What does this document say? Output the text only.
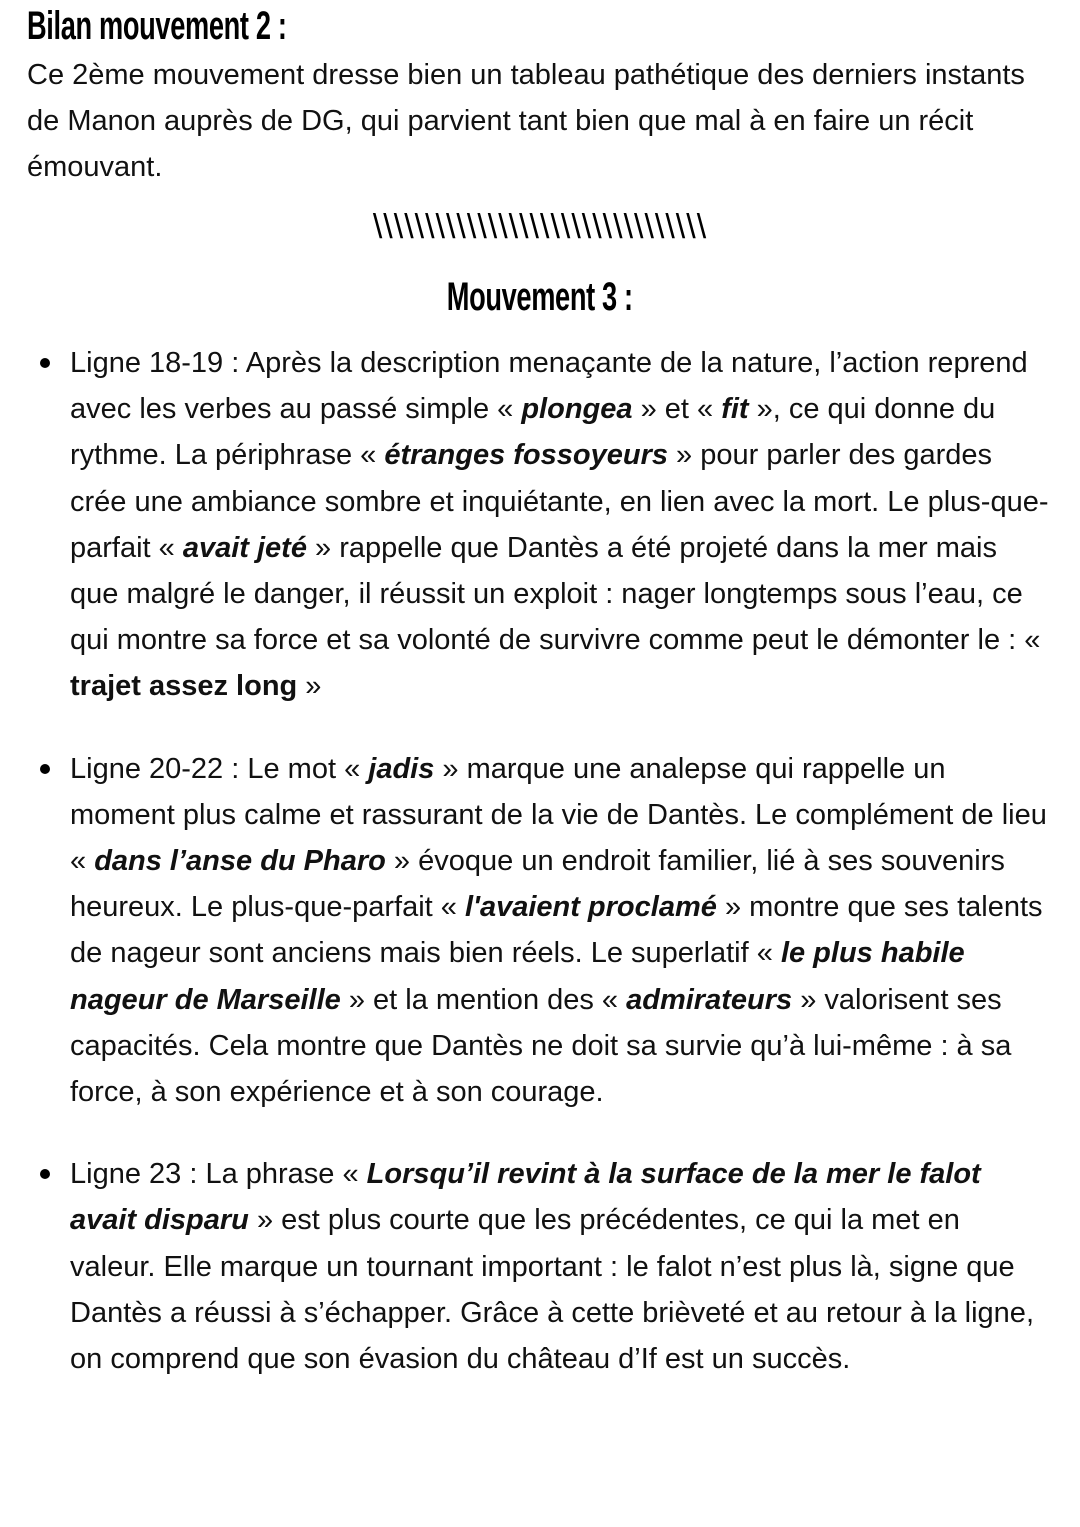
Bilan mouvement 2 :

Ce 2ème mouvement dresse bien un tableau pathétique des derniers instants de Manon auprès de DG, qui parvient tant bien que mal à en faire un récit émouvant.

\\\\\\\\\\\\\\\\\\\\\\\\\\\\\\\\
Mouvement 3 :
Ligne 18-19 : Après la description menaçante de la nature, l’action reprend avec les verbes au passé simple « plongea » et « fit », ce qui donne du rythme. La périphrase « étranges fossoyeurs » pour parler des gardes crée une ambiance sombre et inquiétante, en lien avec la mort. Le plus-que-parfait « avait jeté » rappelle que Dantès a été projeté dans la mer mais que malgré le danger, il réussit un exploit : nager longtemps sous l’eau, ce qui montre sa force et sa volonté de survivre comme peut le démonter le : « trajet assez long »
Ligne 20-22 : Le mot « jadis » marque une analepse qui rappelle un moment plus calme et rassurant de la vie de Dantès. Le complément de lieu « dans l’anse du Pharo » évoque un endroit familier, lié à ses souvenirs heureux. Le plus-que-parfait « l'avaient proclamé » montre que ses talents de nageur sont anciens mais bien réels. Le superlatif « le plus habile nageur de Marseille » et la mention des « admirateurs » valorisent ses capacités. Cela montre que Dantès ne doit sa survie qu’à lui-même : à sa force, à son expérience et à son courage.
Ligne 23 : La phrase « Lorsqu’il revint à la surface de la mer le falot avait disparu » est plus courte que les précédentes, ce qui la met en valeur. Elle marque un tournant important : le falot n’est plus là, signe que Dantès a réussi à s’échapper. Grâce à cette brièveté et au retour à la ligne, on comprend que son évasion du château d’If est un succès.
